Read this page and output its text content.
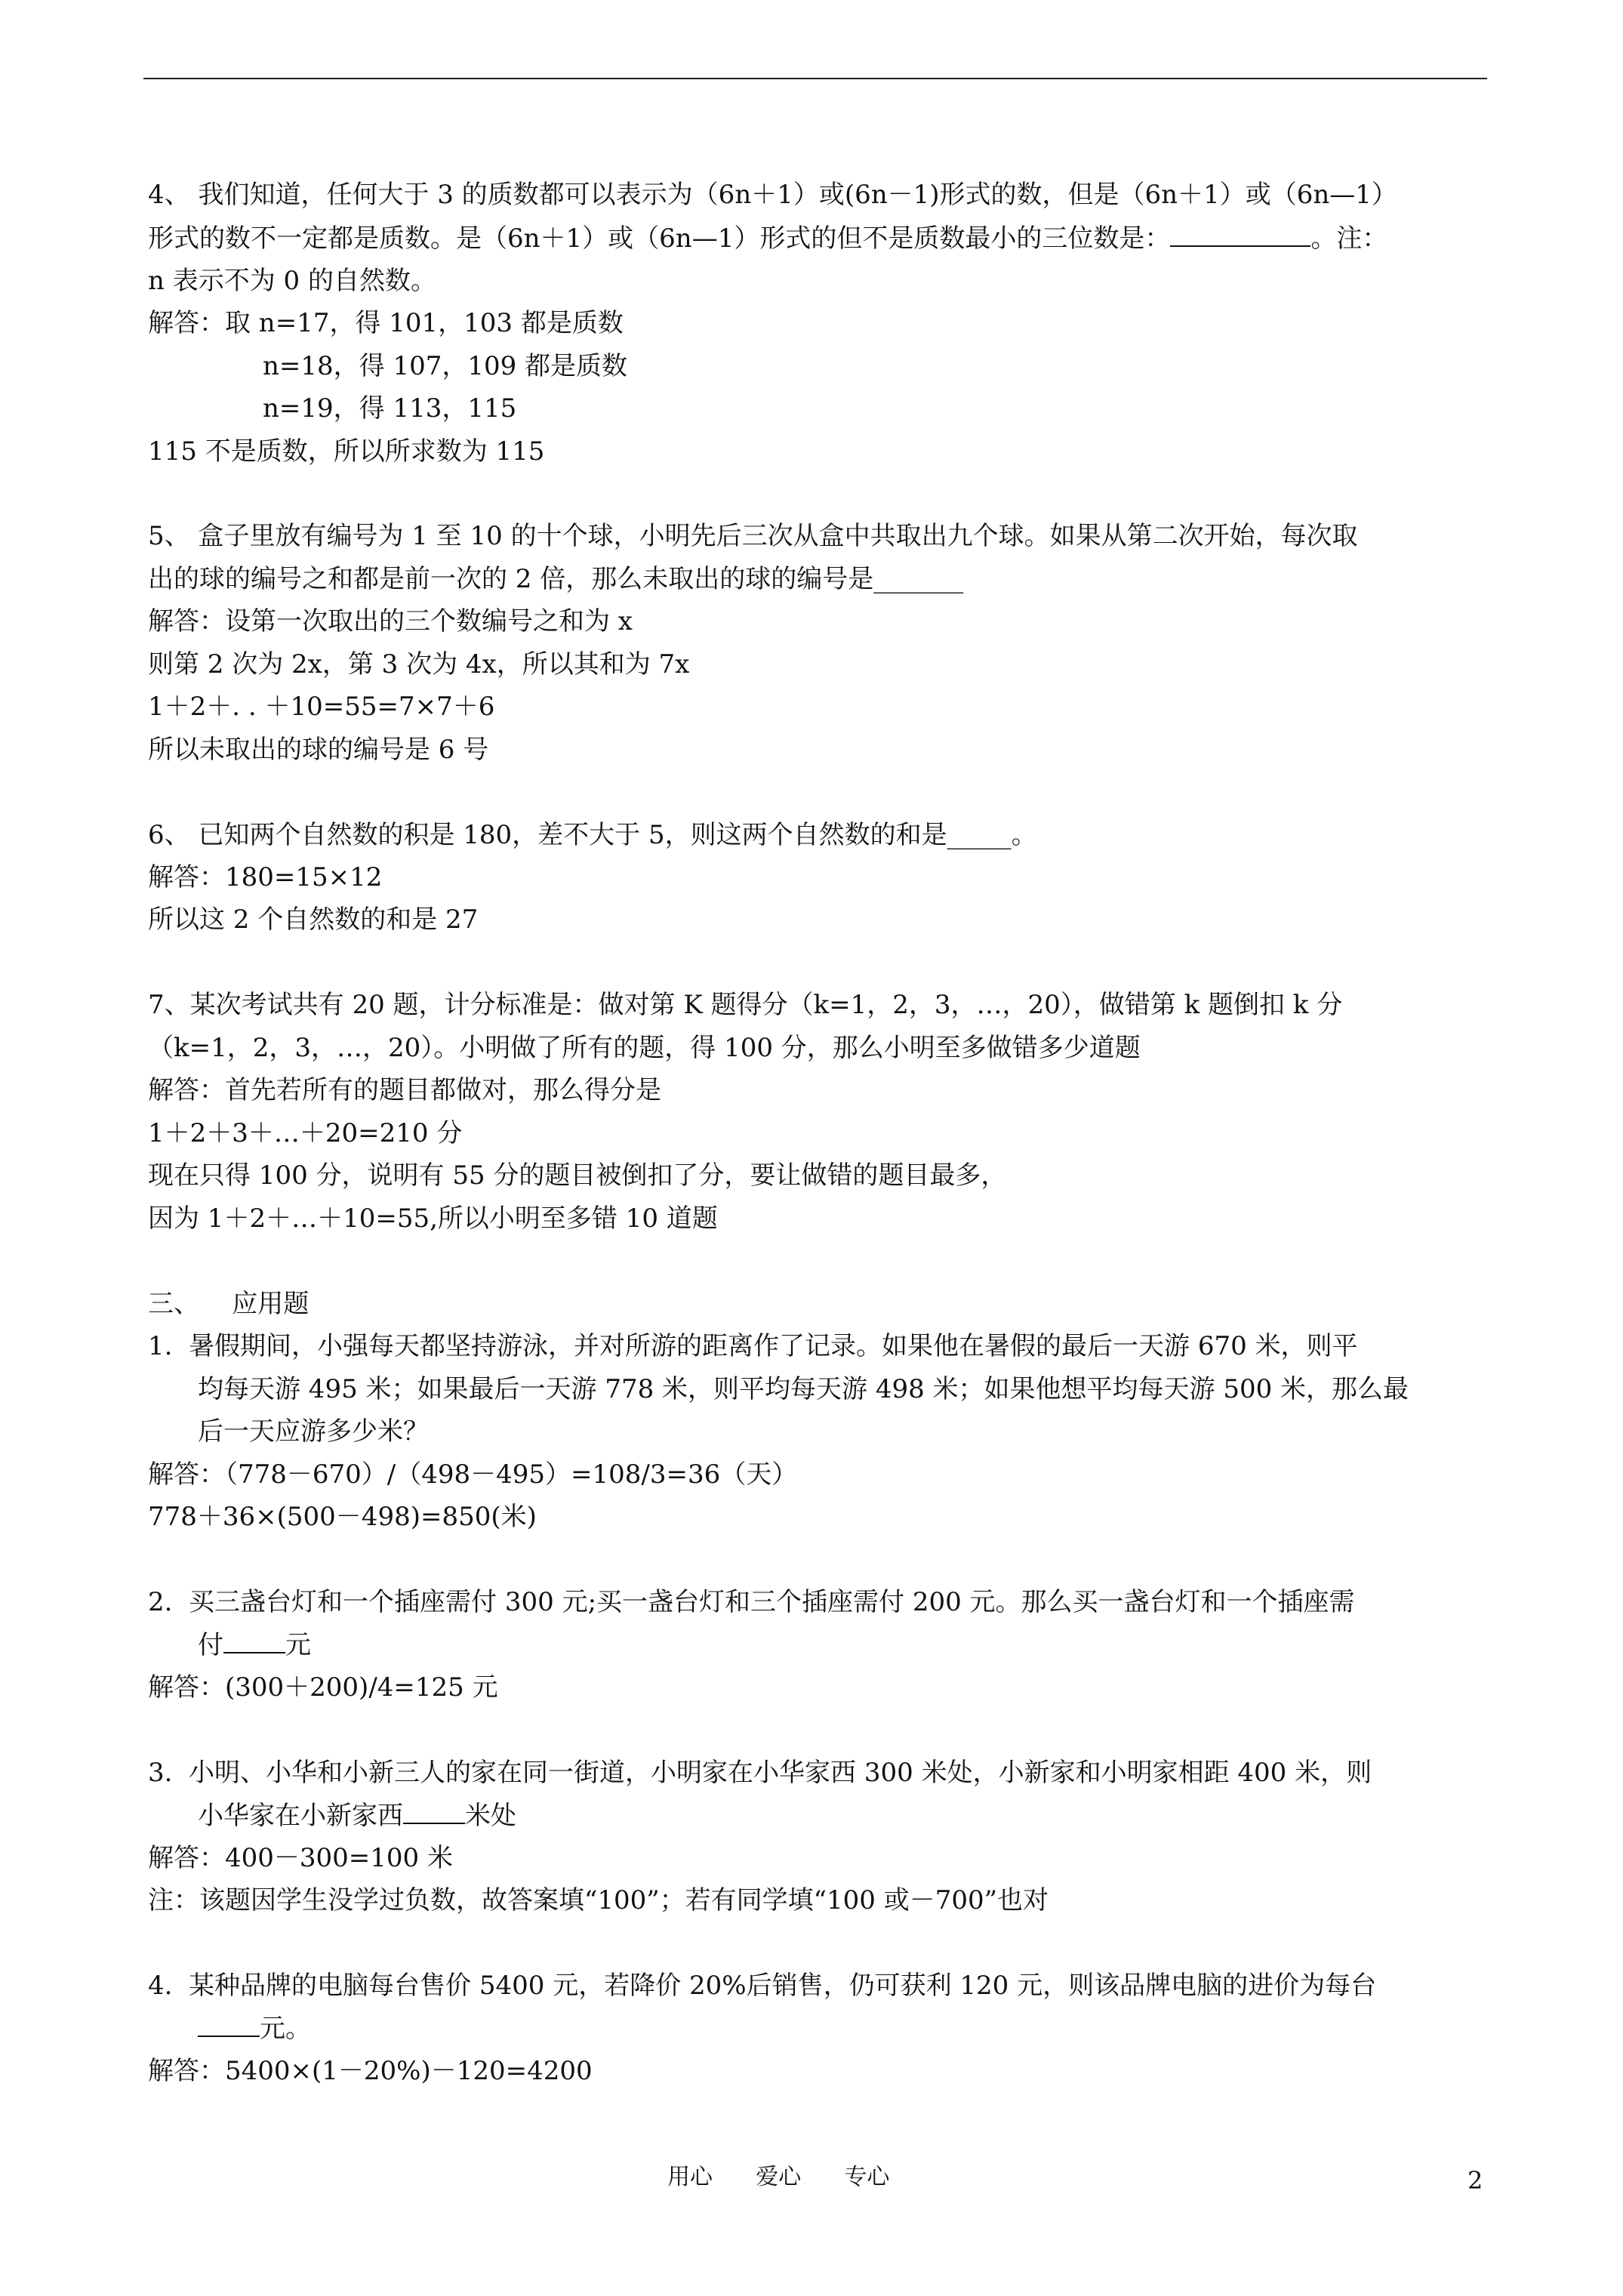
4、 我们知道，任何大于 3 的质数都可以表示为（6n＋1）或(6n－1)形式的数，但是（6n＋1）或（6n—1）
形式的数不一定都是质数。是（6n＋1）或（6n—1）形式的但不是质数最小的三位数是：	。注：
n 表示不为 0 的自然数。
解答：取 n=17，得 101，103 都是质数
n=18，得 107，109 都是质数
n=19，得 113，115
115 不是质数，所以所求数为 115
5、 盒子里放有编号为 1 至 10 的十个球，小明先后三次从盒中共取出九个球。如果从第二次开始，每次取
出的球的编号之和都是前一次的 2 倍，那么未取出的球的编号是_______
解答：设第一次取出的三个数编号之和为 x
则第 2 次为 2x，第 3 次为 4x，所以其和为 7x
1＋2＋. . ＋10=55=7×7＋6
所以未取出的球的编号是 6 号
6、 已知两个自然数的积是 180，差不大于 5，则这两个自然数的和是_____。
解答：180=15×12
所以这 2 个自然数的和是 27
7、某次考试共有 20 题，计分标准是：做对第 K 题得分（k=1，2，3，…，20），做错第 k 题倒扣 k 分
（k=1，2，3，…，20）。小明做了所有的题，得 100 分，那么小明至多做错多少道题
解答：首先若所有的题目都做对，那么得分是
1＋2＋3＋…＋20=210 分
现在只得 100 分，说明有 55 分的题目被倒扣了分，要让做错的题目最多，
因为 1＋2＋…＋10=55,所以小明至多错 10 道题
三、    应用题
1.  暑假期间，小强每天都坚持游泳，并对所游的距离作了记录。如果他在暑假的最后一天游 670 米，则平
均每天游 495 米；如果最后一天游 778 米，则平均每天游 498 米；如果他想平均每天游 500 米，那么最
后一天应游多少米？
解答：（778－670）/（498－495）=108/3=36（天）
778＋36×(500－498)=850(米)
2.  买三盏台灯和一个插座需付 300 元;买一盏台灯和三个插座需付 200 元。那么买一盏台灯和一个插座需
付 元
解答：(300＋200)/4=125 元
3.  小明、小华和小新三人的家在同一街道，小明家在小华家西 300 米处，小新家和小明家相距 400 米，则
小华家在小新家西 米处
解答：400－300=100 米
注：该题因学生没学过负数，故答案填“100”；若有同学填“100 或－700”也对
4.  某种品牌的电脑每台售价 5400 元，若降价 20%后销售，仍可获利 120 元，则该品牌电脑的进价为每台
元。
解答：5400×(1－20%)－120=4200
用心      爱心      专心	2
